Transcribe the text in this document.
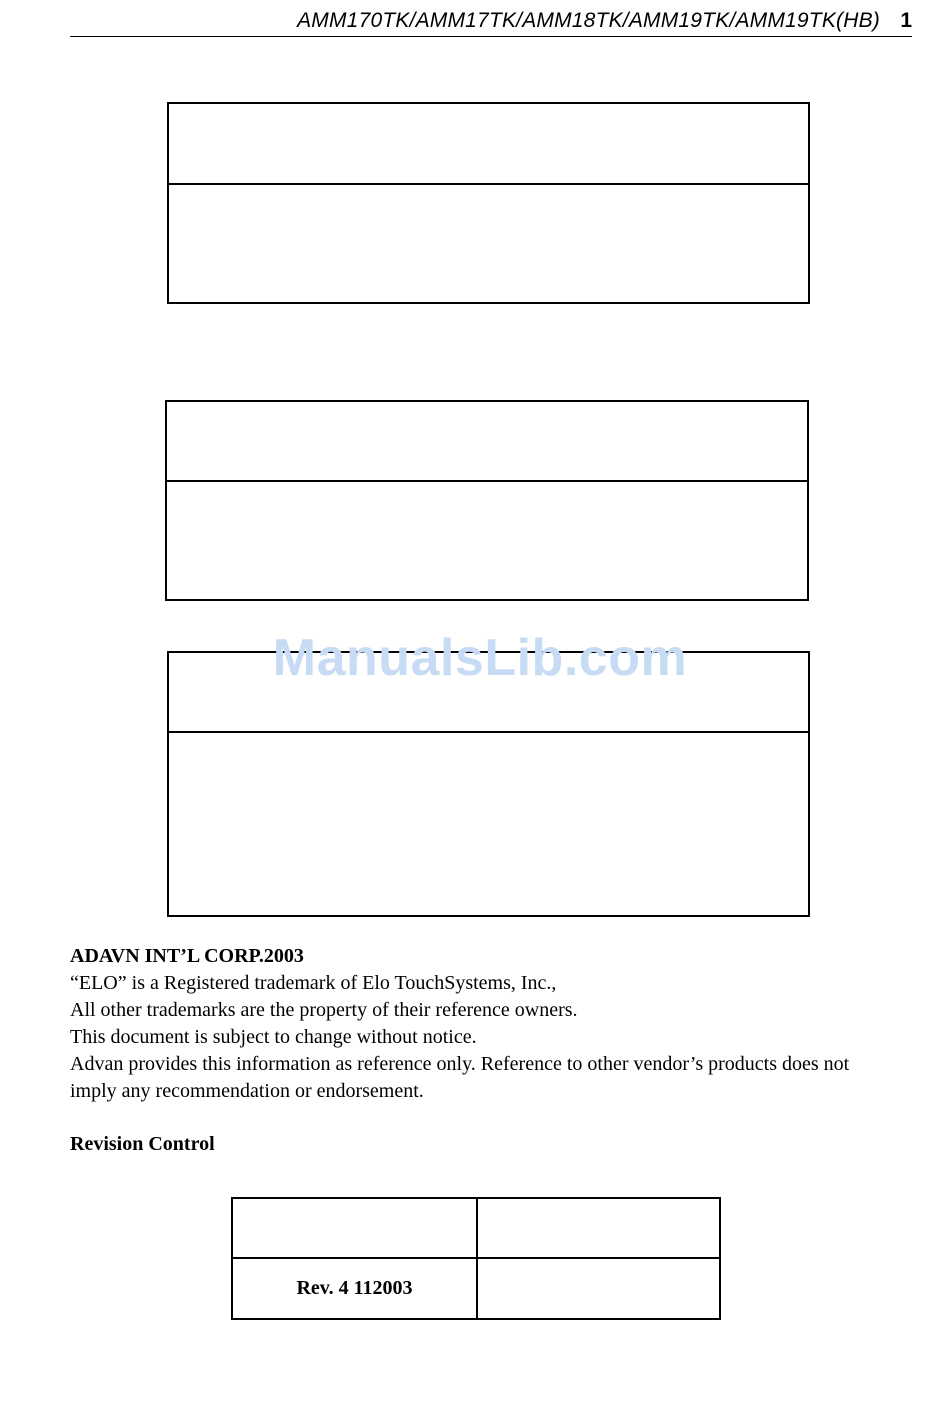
AMM170TK/AMM17TK/AMM18TK/AMM19TK/AMM19TK(HB) 1
ManualsLib.com

ADAVN INT’L CORP.2003

“ELO” is a Registered trademark of Elo TouchSystems, Inc.,

All other trademarks are the property of their reference owners.

This document is subject to change without notice.

Advan provides this information as reference only. Reference to other vendor’s products does not imply any recommendation or endorsement.

Revision Control
Rev. 4 112003
